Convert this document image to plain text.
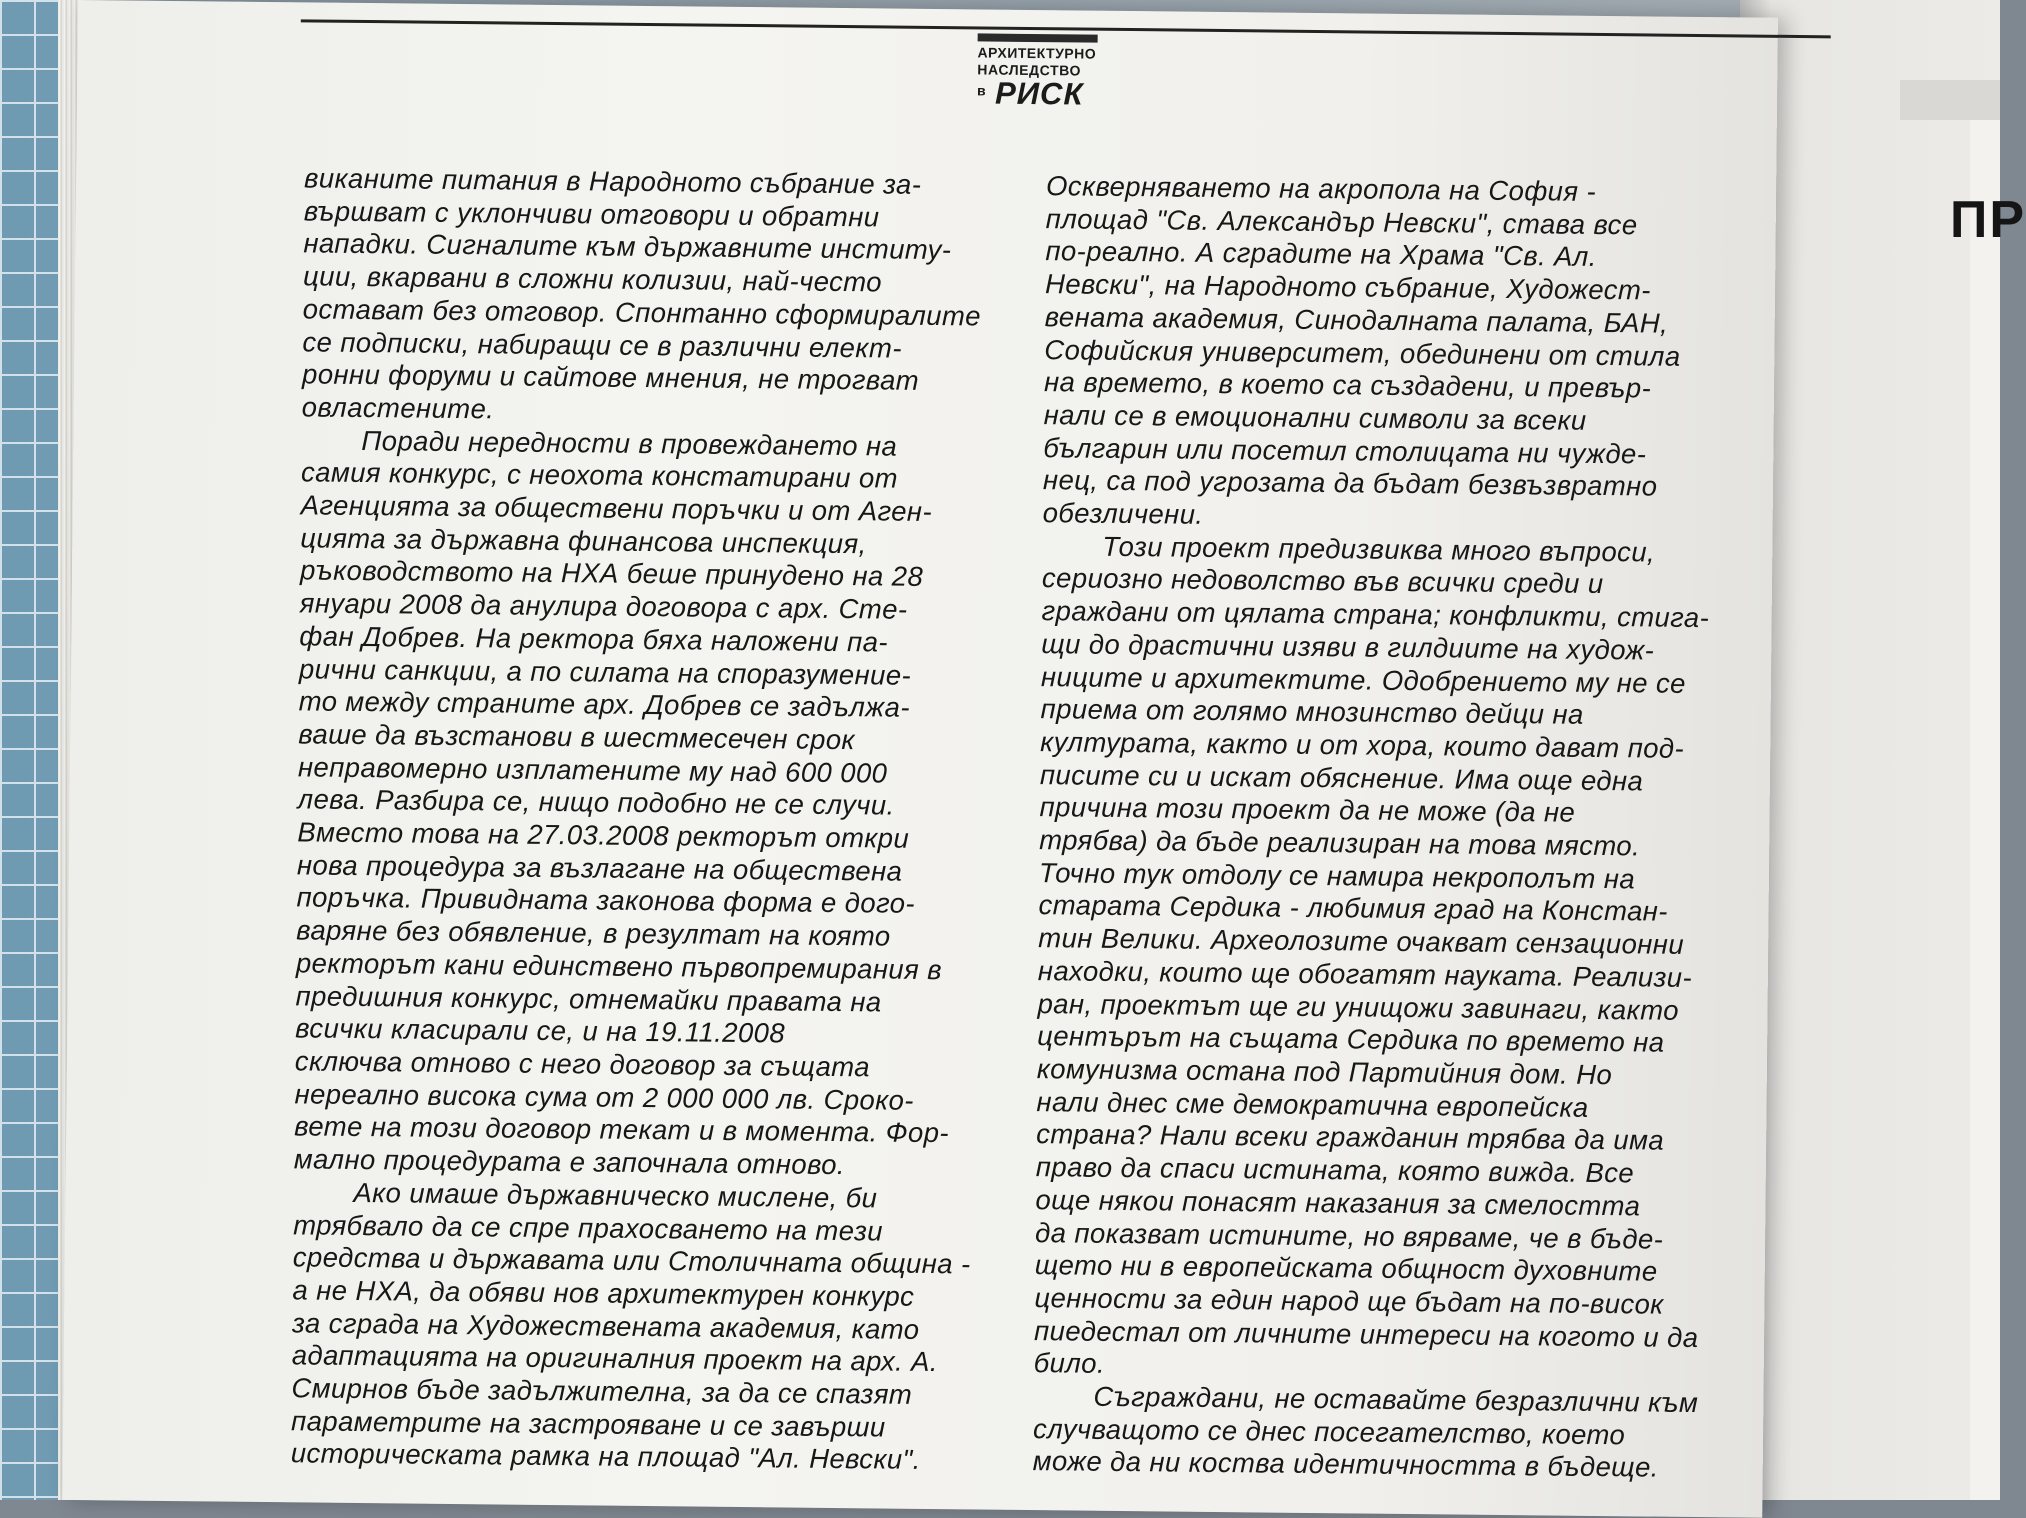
ПР
АРХИТЕКТУРНО
НАСЛЕДСТВО
в РИСК
виканите питания в Народното събрание за-
вършват с уклончиви отговори и обратни
нападки. Сигналите към държавните институ-
ции, вкарвани в сложни колизии, най-често
остават без отговор. Спонтанно сформиралите
се подписки, набиращи се в различни елект-
ронни форуми и сайтове мнения, не трогват
овластените.
Поради нередности в провеждането на
самия конкурс, с неохота констатирани от
Агенцията за обществени поръчки и от Аген-
цията за държавна финансова инспекция,
ръководството на НХА беше принудено на 28
януари 2008 да анулира договора с арх. Сте-
фан Добрев. На ректора бяха наложени па-
рични санкции, а по силата на споразумение-
то между страните арх. Добрев се задължа-
ваше да възстанови в шестмесечен срок
неправомерно изплатените му над 600 000
лева. Разбира се, нищо подобно не се случи.
Вместо това на 27.03.2008 ректорът откри
нова процедура за възлагане на обществена
поръчка. Привидната законова форма е дого-
варяне без обявление, в резултат на която
ректорът кани единствено първопремирания в
предишния конкурс, отнемайки правата на
всички класирали се, и на 19.11.2008
сключва отново с него договор за същата
нереално висока сума от 2 000 000 лв. Сроко-
вете на този договор текат и в момента. Фор-
мално процедурата е започнала отново.
Ако имаше държавническо мислене, би
трябвало да се спре прахосването на тези
средства и държавата или Столичната община -
а не НХА, да обяви нов архитектурен конкурс
за сграда на Художествената академия, като
адаптацията на оригиналния проект на арх. А.
Смирнов бъде задължителна, за да се спазят
параметрите на застрояване и се завърши
историческата рамка на площад "Ал. Невски".
Оскверняването на акропола на София -
площад "Св. Александър Невски", става все
по-реално. А сградите на Храма "Св. Ал.
Невски", на Народното събрание, Художест-
вената академия, Синодалната палата, БАН,
Софийския университет, обединени от стила
на времето, в което са създадени, и превър-
нали се в емоционални символи за всеки
българин или посетил столицата ни чужде-
нец, са под угрозата да бъдат безвъзвратно
обезличени.
Този проект предизвиква много въпроси,
сериозно недоволство във всички среди и
граждани от цялата страна; конфликти, стига-
щи до драстични изяви в гилдиите на худож-
ниците и архитектите. Одобрението му не се
приема от голямо мнозинство дейци на
културата, както и от хора, които дават под-
писите си и искат обяснение. Има още една
причина този проект да не може (да не
трябва) да бъде реализиран на това място.
Точно тук отдолу се намира некрополът на
старата Сердика - любимия град на Констан-
тин Велики. Археолозите очакват сензационни
находки, които ще обогатят науката. Реализи-
ран, проектът ще ги унищожи завинаги, както
центърът на същата Сердика по времето на
комунизма остана под Партийния дом. Но
нали днес сме демократична европейска
страна? Нали всеки гражданин трябва да има
право да спаси истината, която вижда. Все
още някои понасят наказания за смелостта
да показват истините, но вярваме, че в бъде-
щето ни в европейската общност духовните
ценности за един народ ще бъдат на по-висок
пиедестал от личните интереси на когото и да
било.
Съграждани, не оставайте безразлични към
случващото се днес посегателство, което
може да ни коства идентичността в бъдеще.
